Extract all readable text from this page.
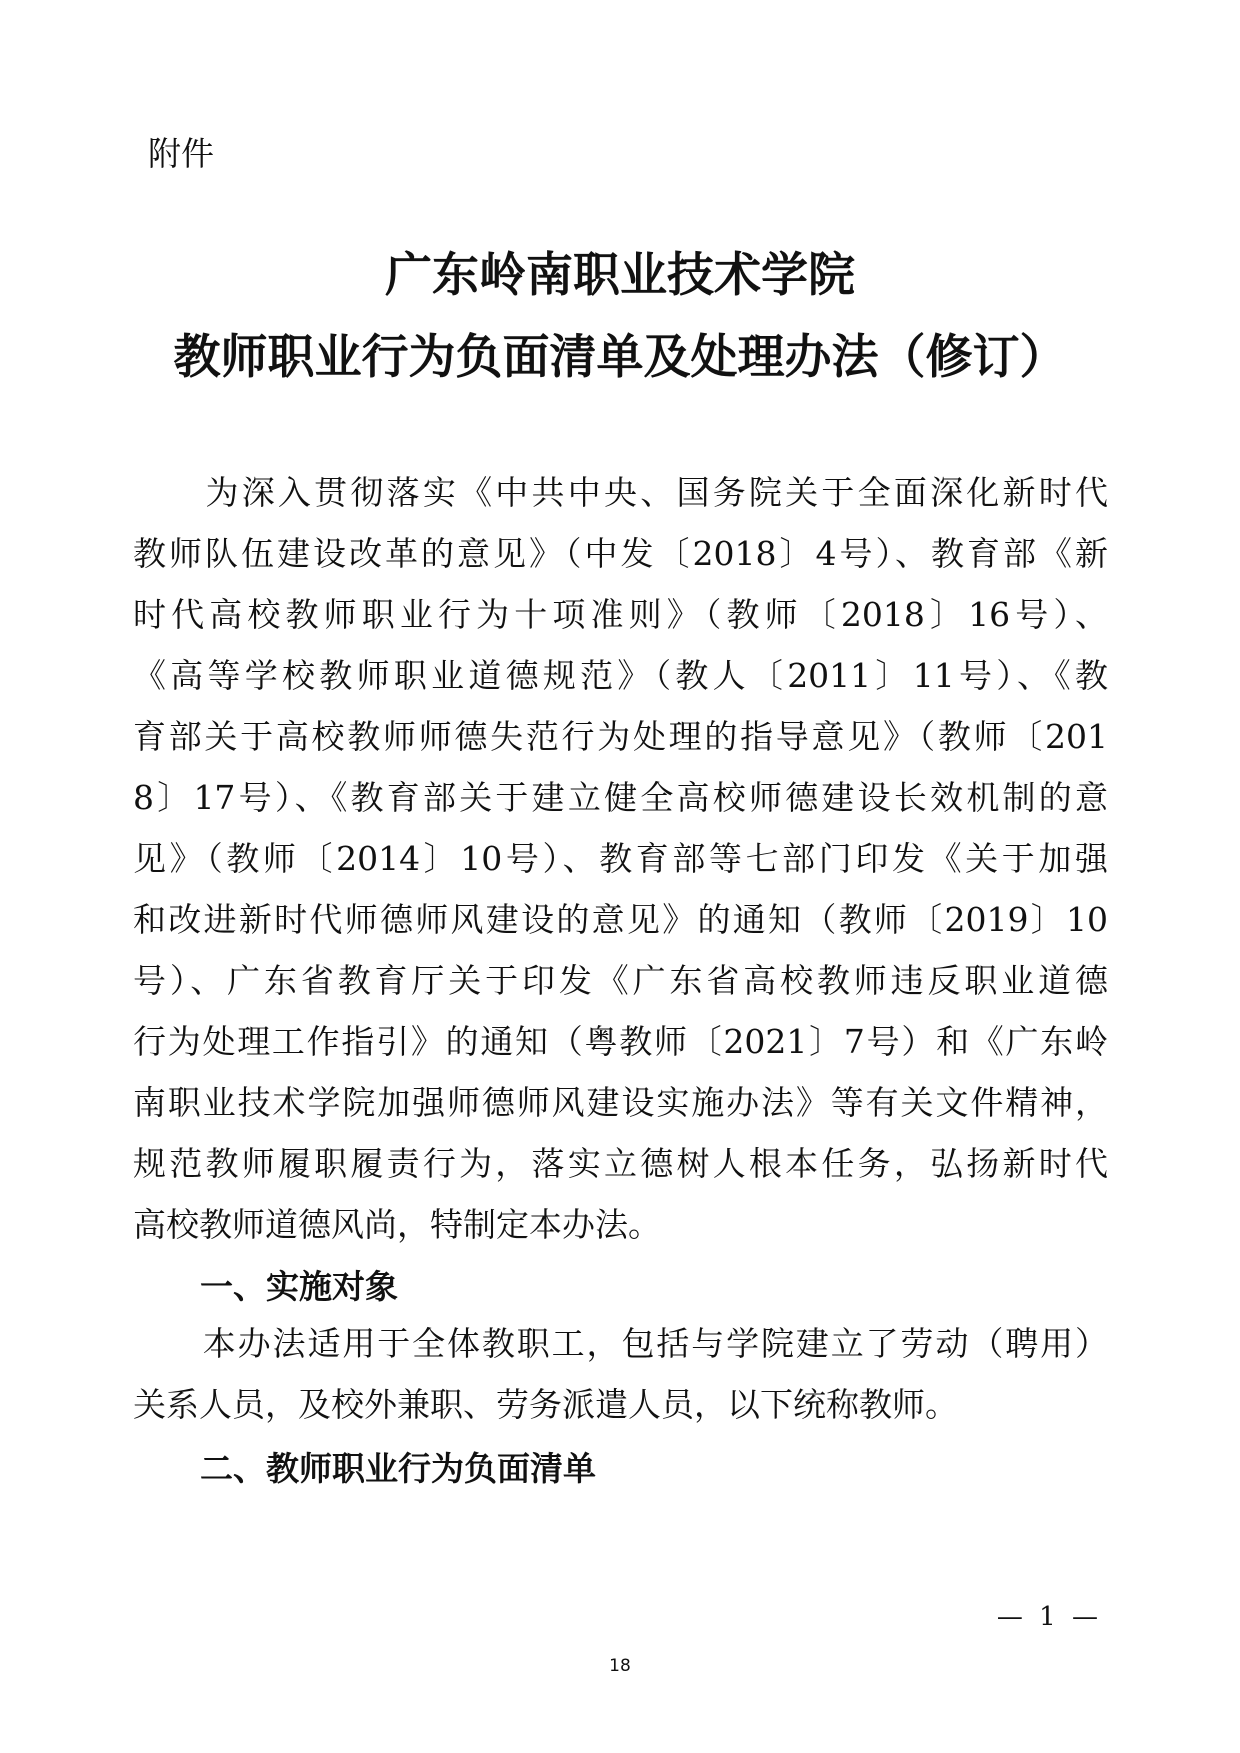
附件
广东岭南职业技术学院
教师职业行为负面清单及处理办法（修订）
　　为深入贯彻落实《中共中央、国务院关于全面深化新时代
教师队伍建设改革的意见》（中发〔2018〕4号）、教育部《新
时代高校教师职业行为十项准则》（教师〔2018〕16号）、
《高等学校教师职业道德规范》（教人〔2011〕11号）、《教
育部关于高校教师师德失范行为处理的指导意见》（教师〔201
8〕17号）、《教育部关于建立健全高校师德建设长效机制的意
见》（教师〔2014〕10号）、教育部等七部门印发《关于加强
和改进新时代师德师风建设的意见》的通知（教师〔2019〕10
号）、广东省教育厅关于印发《广东省高校教师违反职业道德
行为处理工作指引》的通知（粤教师〔2021〕7号）和《广东岭
南职业技术学院加强师德师风建设实施办法》等有关文件精神，
规范教师履职履责行为，落实立德树人根本任务，弘扬新时代
高校教师道德风尚，特制定本办法。
一、实施对象
　　本办法适用于全体教职工，包括与学院建立了劳动（聘用）
关系人员，及校外兼职、劳务派遣人员，以下统称教师。
二、教师职业行为负面清单
— 1 —
18
